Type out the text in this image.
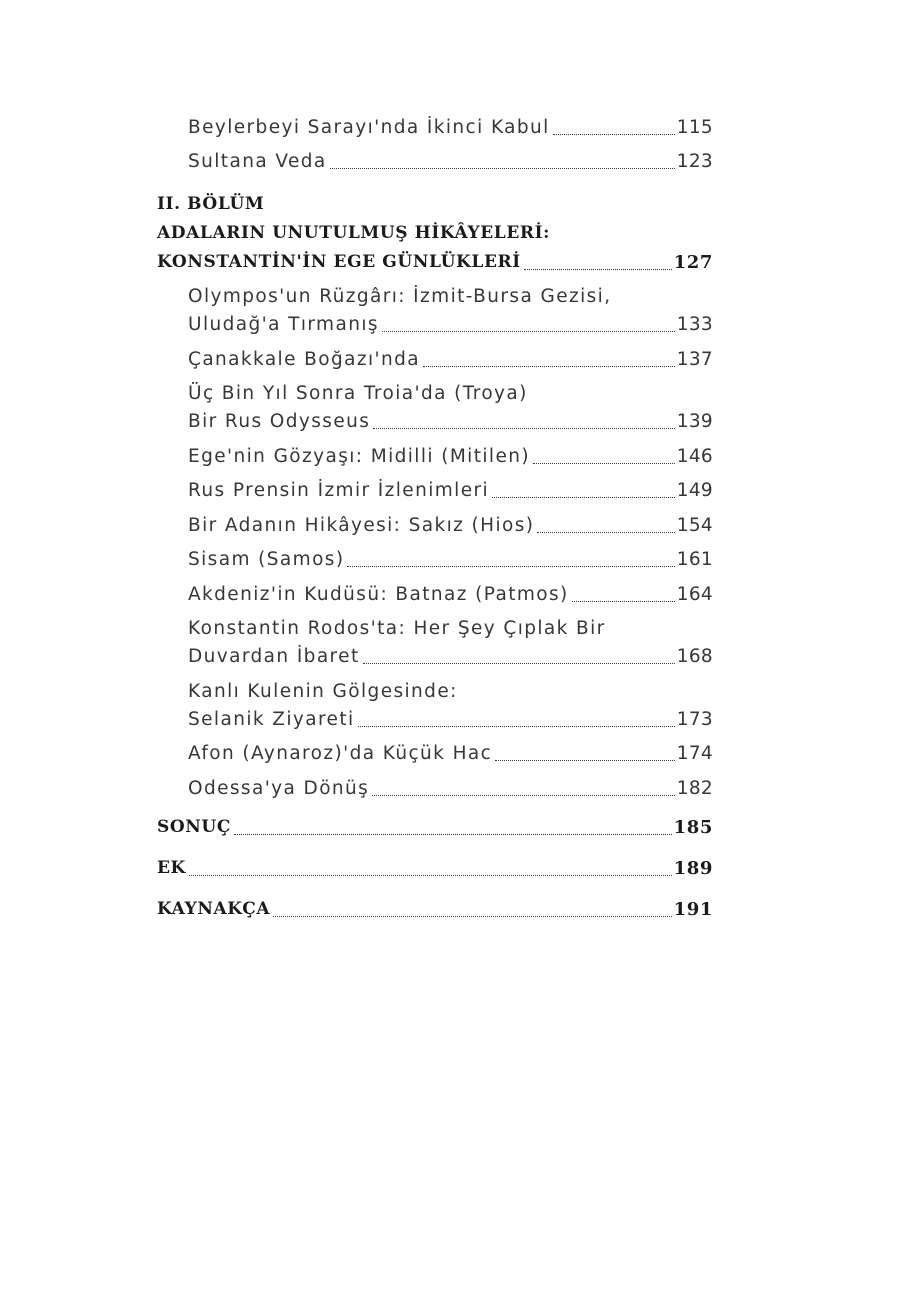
Beylerbeyi Sarayı'nda İkinci Kabul	115
Sultana Veda	123
II. BÖLÜM
ADALARIN UNUTULMUŞ HİKÂYELERİ:
KONSTANTİN'İN EGE GÜNLÜKLERİ	127
Olympos'un Rüzgârı: İzmit-Bursa Gezisi,
Uludağ'a Tırmanış	133
Çanakkale Boğazı'nda	137
Üç Bin Yıl Sonra Troia'da (Troya)
Bir Rus Odysseus	139
Ege'nin Gözyaşı: Midilli (Mitilen)	146
Rus Prensin İzmir İzlenimleri	149
Bir Adanın Hikâyesi: Sakız (Hios)	154
Sisam (Samos)	161
Akdeniz'in Kudüsü: Batnaz (Patmos)	164
Konstantin Rodos'ta: Her Şey Çıplak Bir
Duvardan İbaret	168
Kanlı Kulenin Gölgesinde:
Selanik Ziyareti	173
Afon (Aynaroz)'da Küçük Hac	174
Odessa'ya Dönüş	182
SONUÇ	185
EK	189
KAYNAKÇA	191
